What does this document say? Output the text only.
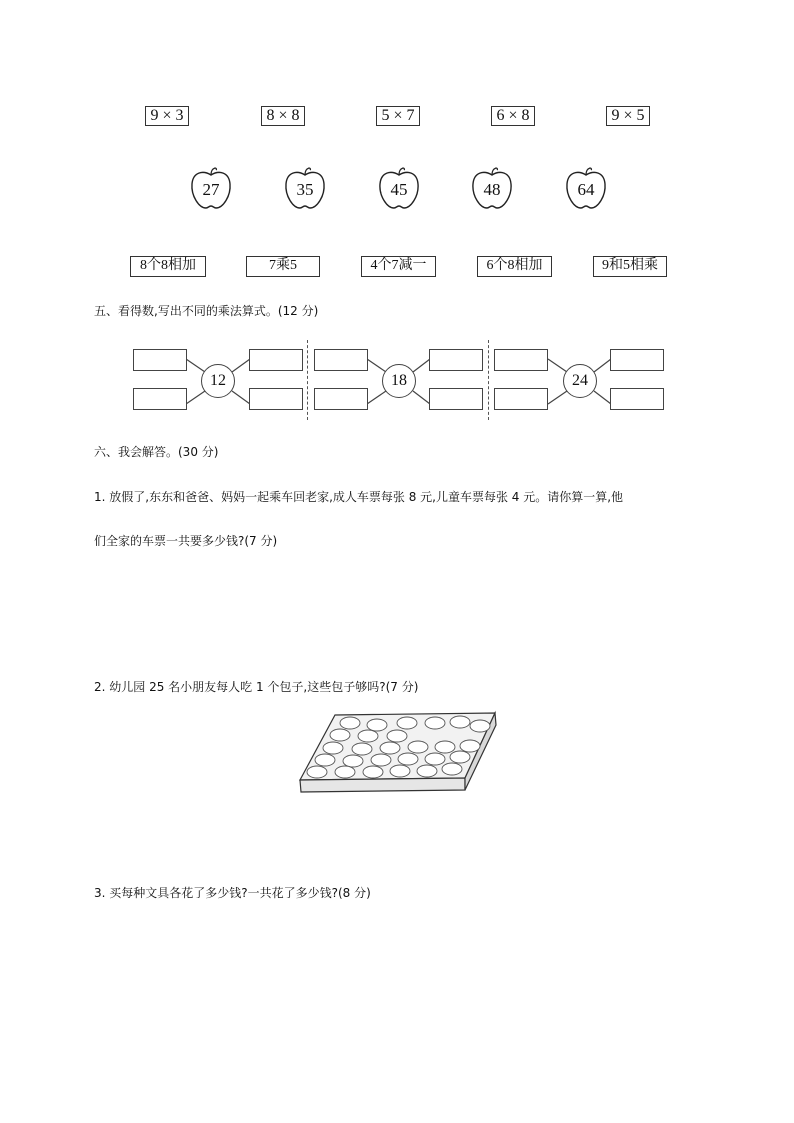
9 × 3	8 × 8	5 × 7	6 × 8	9 × 5
27	35	45	48	64
8个8相加	7乘5	4个7减一	6个8相加	9和5相乘
五、看得数,写出不同的乘法算式。(12 分)
12	18	24
六、我会解答。(30 分)
1. 放假了,东东和爸爸、妈妈一起乘车回老家,成人车票每张 8 元,儿童车票每张 4 元。请你算一算,他
们全家的车票一共要多少钱?(7 分)
2. 幼儿园 25 名小朋友每人吃 1 个包子,这些包子够吗?(7 分)
3. 买每种文具各花了多少钱?一共花了多少钱?(8 分)
